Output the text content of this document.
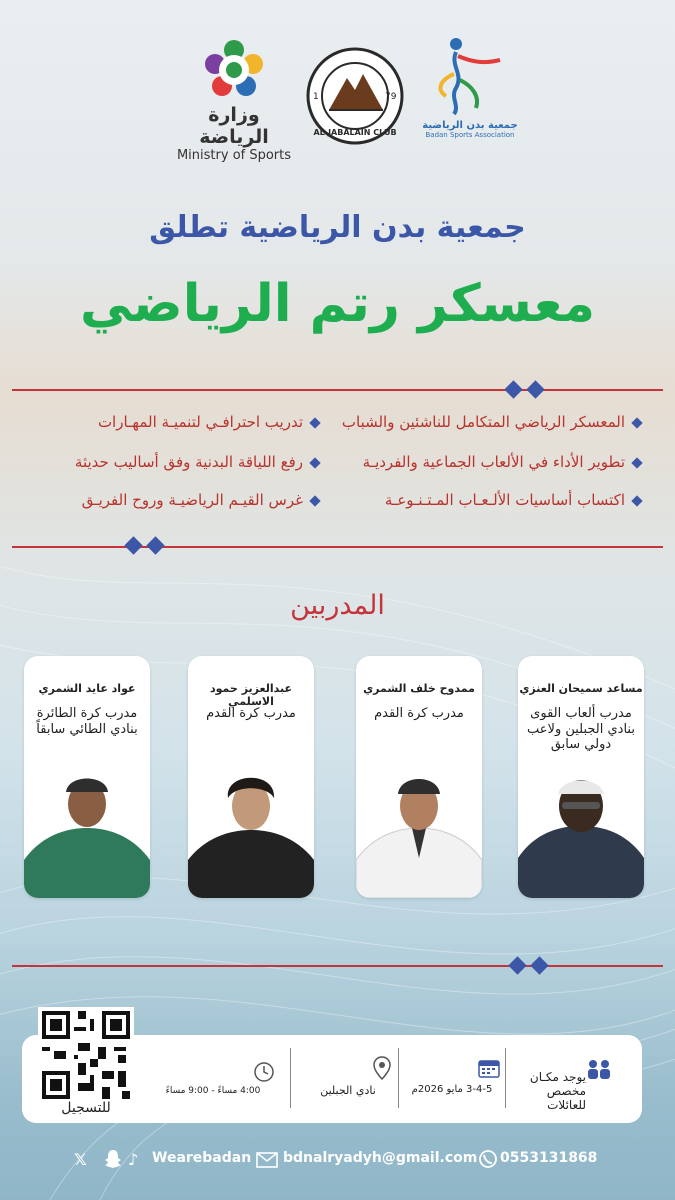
وزارة الرياضة
Ministry of Sports
AL-JABALAIN CLUB
1	79
جمعية بدن الرياضية
Badan Sports Association
جمعية بدن الرياضية تطلق
معسكر رتم الرياضي
المعسكر الرياضي المتكامل للناشئين والشباب
تدريب احترافـي لتنميـة المهـارات
تطوير الأداء في الألعاب الجماعية والفرديـة
رفع اللياقة البدنية وفق أساليب حديثة
اكتساب أساسيات الألـعـاب المـتـنـوعـة
غرس القيـم الرياضيـة وروح الفريـق
المدربين
مساعد سميحان العنزي
مدرب ألعاب القوى بنادي الجبلين ولاعب دولي سابق
ممدوح خلف الشمري
مدرب كرة القدم
عبدالعزيز حمود الاسلمي
مدرب كرة القدم
عواد عايد الشمري
مدرب كرة الطائرة بنادي الطائي سابقاً
للتسجيل
يوجد مكـان
مخصص للعائلات
3-4-5 مايو 2026م
نادي الجبلين
4:00 مساءً - 9:00 مساءً
0553131868
bdnalryadyh@gmail.com
𝕏	♪ Wearebadan
